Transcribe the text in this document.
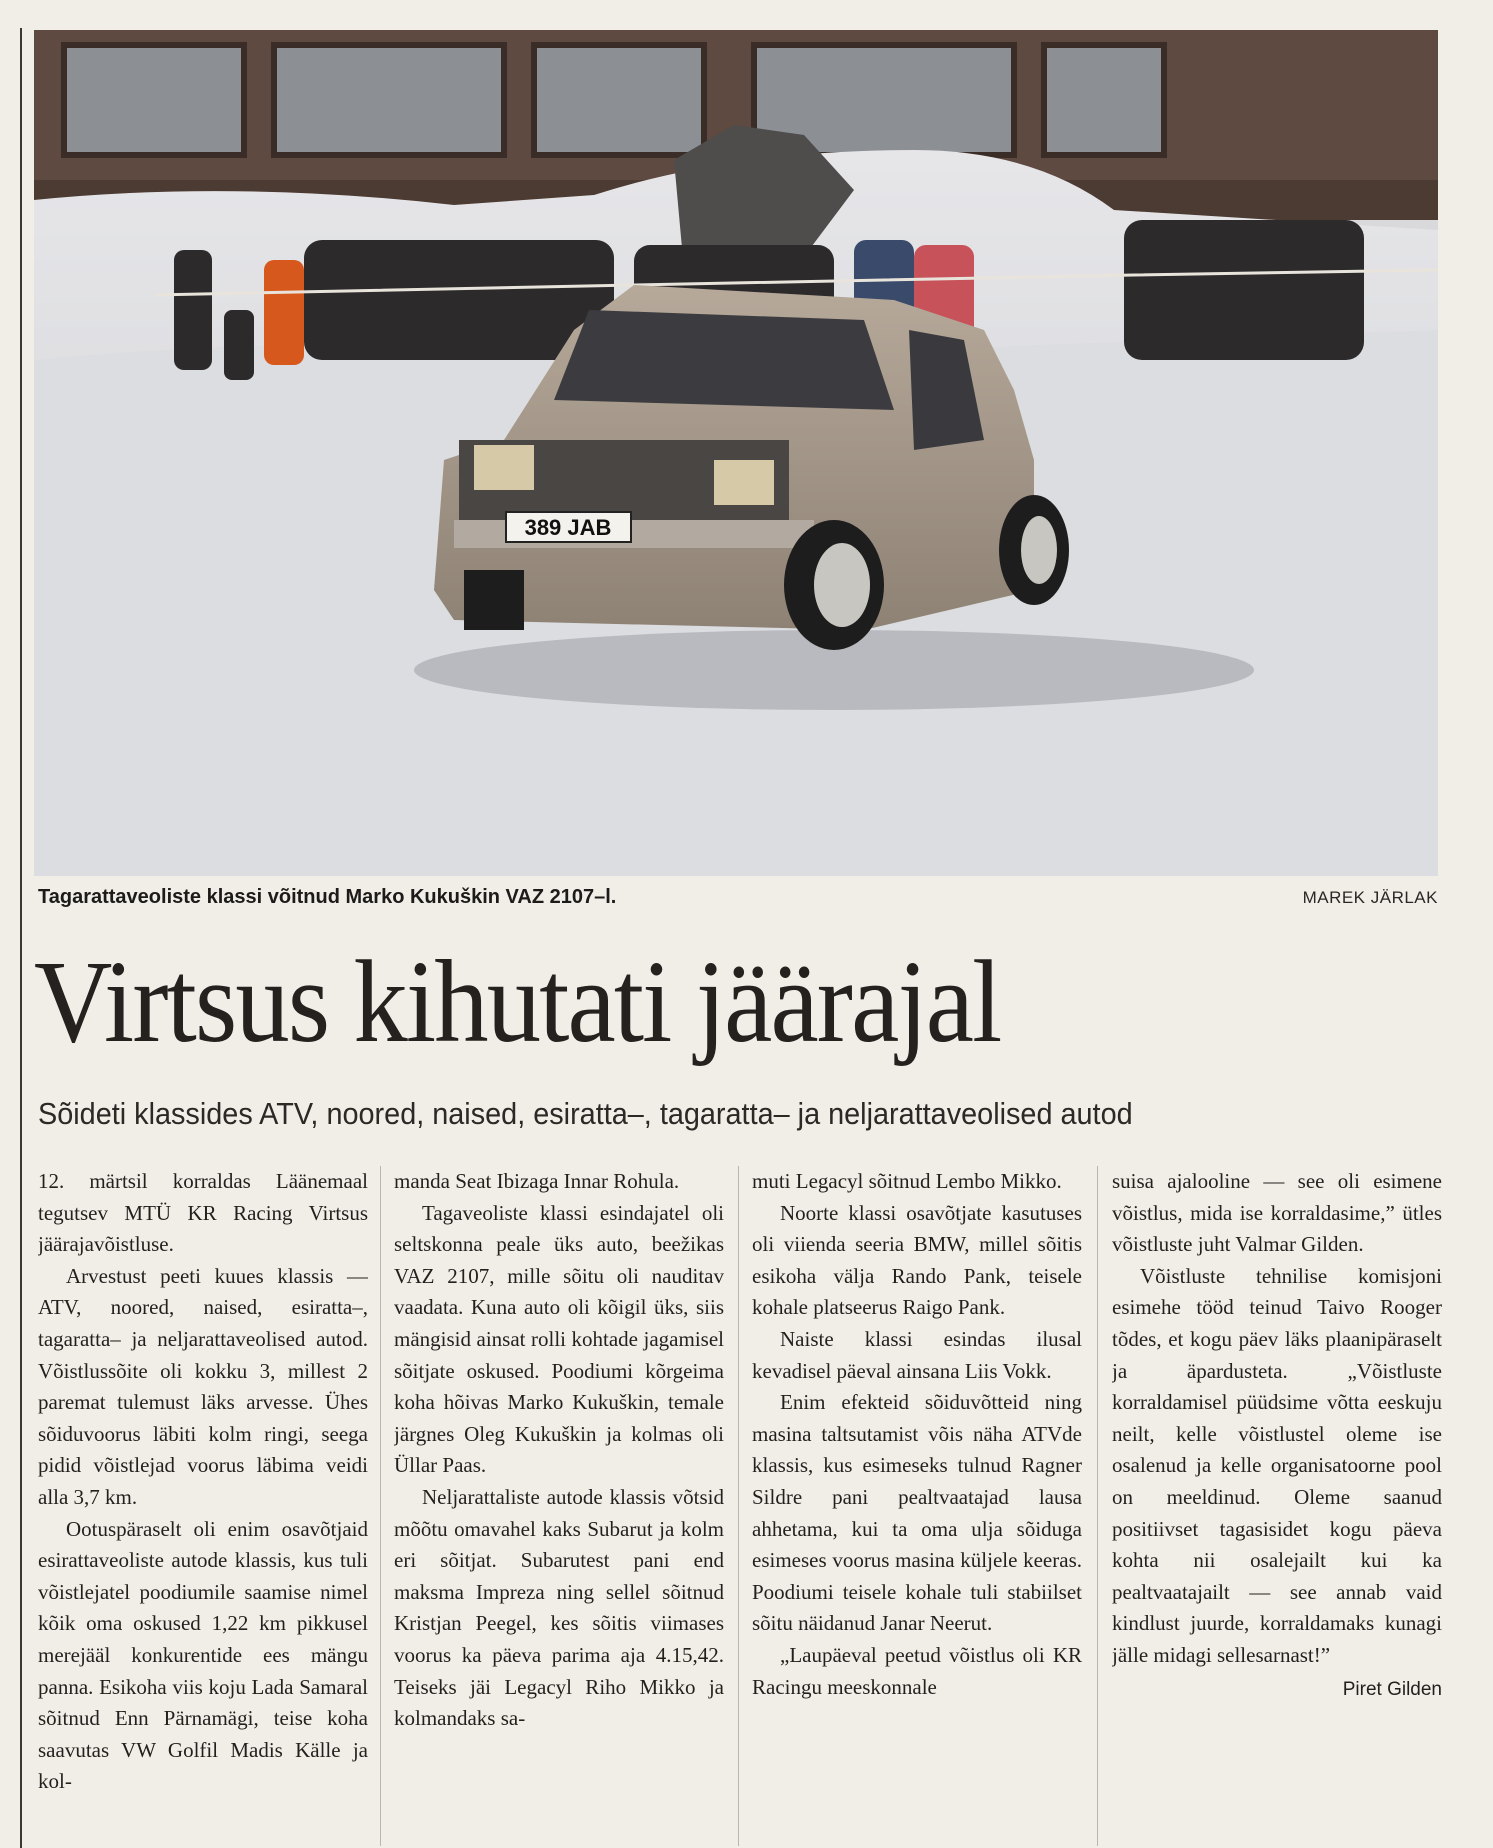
389 JAB
Tagarattaveoliste klassi võitnud Marko Kukuškin VAZ 2107–l.	MAREK JÄRLAK
Virtsus kihutati jäärajal
Sõideti klassides ATV, noored, naised, esiratta–, tagaratta– ja neljarattaveolised autod

12. märtsil korraldas Läänemaal tegutsev MTÜ KR Racing Virtsus jäärajavõistluse.

Arvestust peeti kuues klassis — ATV, noored, naised, esiratta–, tagaratta– ja neljarattaveolised autod. Võistlussõite oli kokku 3, millest 2 paremat tulemust läks arvesse. Ühes sõiduvoorus läbiti kolm ringi, seega pidid võistlejad voorus läbima veidi alla 3,7 km.

Ootuspäraselt oli enim osavõtjaid esirattaveoliste autode klassis, kus tuli võistlejatel poodiumile saamise nimel kõik oma oskused 1,22 km pikkusel merejääl konkurentide ees mängu panna. Esikoha viis koju Lada Samaral sõitnud Enn Pärnamägi, teise koha saavutas VW Golfil Madis Källe ja kol-

manda Seat Ibizaga Innar Rohula.

Tagaveoliste klassi esindajatel oli seltskonna peale üks auto, beežikas VAZ 2107, mille sõitu oli nauditav vaadata. Kuna auto oli kõigil üks, siis mängisid ainsat rolli kohtade jagamisel sõitjate oskused. Poodiumi kõrgeima koha hõivas Marko Kukuškin, temale järgnes Oleg Kukuškin ja kolmas oli Üllar Paas.

Neljarattaliste autode klassis võtsid mõõtu omavahel kaks Subarut ja kolm eri sõitjat. Subarutest pani end maksma Impreza ning sellel sõitnud Kristjan Peegel, kes sõitis viimases voorus ka päeva parima aja 4.15,42. Teiseks jäi Legacyl Riho Mikko ja kolmandaks sa-

muti Legacyl sõitnud Lembo Mikko.

Noorte klassi osavõtjate kasutuses oli viienda seeria BMW, millel sõitis esikoha välja Rando Pank, teisele kohale platseerus Raigo Pank.

Naiste klassi esindas ilusal kevadisel päeval ainsana Liis Vokk.

Enim efekteid sõiduvõtteid ning masina taltsutamist võis näha ATVde klassis, kus esimeseks tulnud Ragner Sildre pani pealtvaatajad lausa ahhetama, kui ta oma ulja sõiduga esimeses voorus masina küljele keeras. Poodiumi teisele kohale tuli stabiilset sõitu näidanud Janar Neerut.

„Laupäeval peetud võistlus oli KR Racingu meeskonnale

suisa ajalooline — see oli esimene võistlus, mida ise korraldasime,” ütles võistluste juht Valmar Gilden.

Võistluste tehnilise komisjoni esimehe tööd teinud Taivo Rooger tõdes, et kogu päev läks plaanipäraselt ja äpardusteta. „Võistluste korraldamisel püüdsime võtta eeskuju neilt, kelle võistlustel oleme ise osalenud ja kelle organisatoorne pool on meeldinud. Oleme saanud positiivset tagasisidet kogu päeva kohta nii osalejailt kui ka pealtvaatajailt — see annab vaid kindlust juurde, korraldamaks kunagi jälle midagi sellesarnast!”

Piret Gilden
